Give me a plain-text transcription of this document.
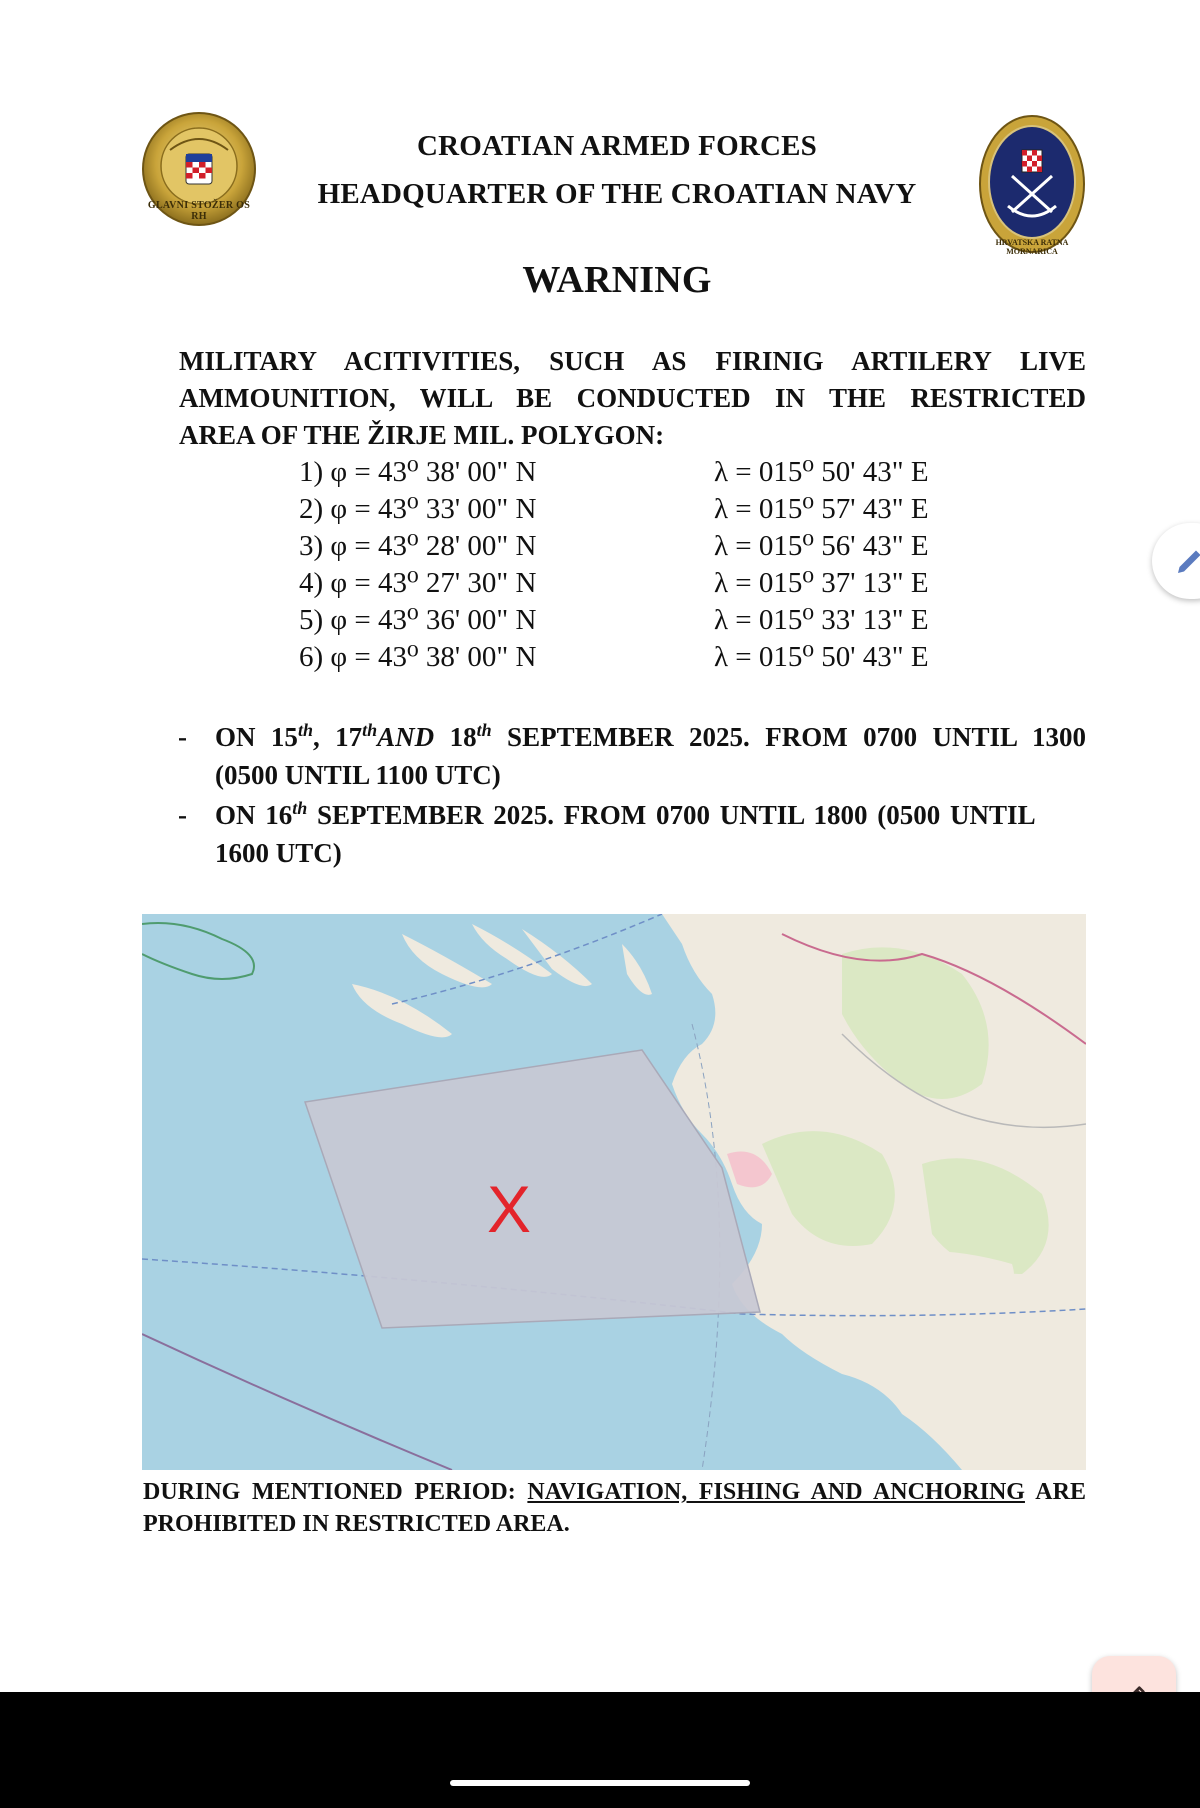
GLAVNI STOŽER OS RH
HRVATSKA RATNA MORNARICA
CROATIAN ARMED FORCES
HEADQUARTER OF THE CROATIAN NAVY
WARNING
MILITARY ACITIVITIES, SUCH AS FIRINIG ARTILERY LIVE
AMMOUNITION, WILL BE CONDUCTED IN THE RESTRICTED
AREA OF THE ŽIRJE MIL. POLYGON:
1) φ = 43⁰ 38' 00" N	λ = 015⁰ 50' 43" E
2) φ = 43⁰ 33' 00" N	λ = 015⁰ 57' 43" E
3) φ = 43⁰ 28' 00" N	λ = 015⁰ 56' 43" E
4) φ = 43⁰ 27' 30" N	λ = 015⁰ 37' 13" E
5) φ = 43⁰ 36' 00" N	λ = 015⁰ 33' 13" E
6) φ = 43⁰ 38' 00" N	λ = 015⁰ 50' 43" E
- ON 15th, 17thAND 18th SEPTEMBER 2025. FROM 0700 UNTIL 1300
(0500 UNTIL 1100 UTC)
- ON 16th SEPTEMBER 2025. FROM 0700 UNTIL 1800 (0500 UNTIL
1600 UTC)
X
DURING MENTIONED PERIOD: NAVIGATION, FISHING AND ANCHORING ARE
PROHIBITED IN RESTRICTED AREA.
